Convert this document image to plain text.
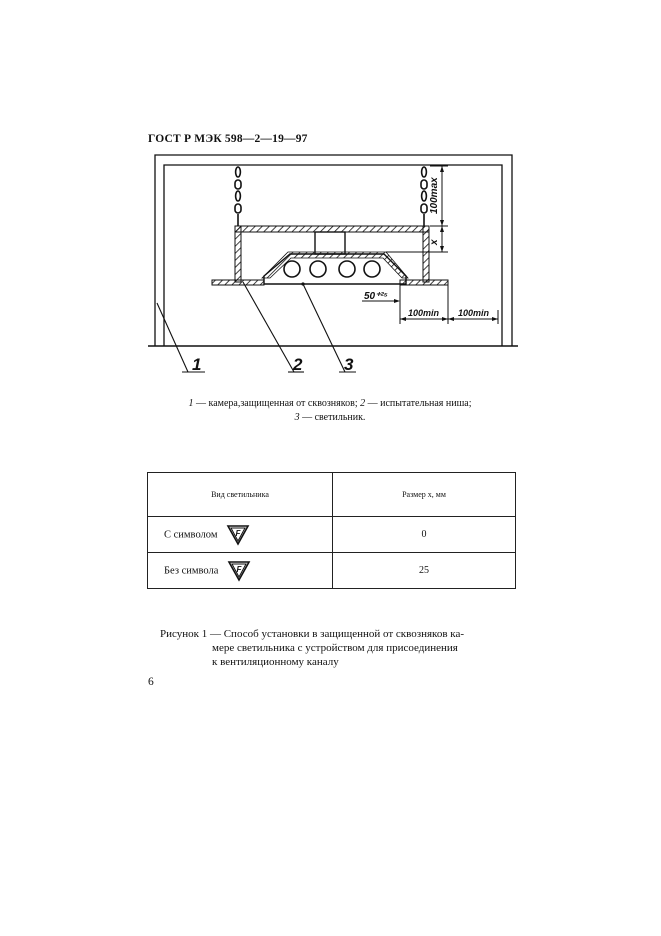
ГОСТ Р МЭК 598—2—19—97
100max
x
50⁺²⁵
100min 100min
1	2 3
1 — камера,защищенная от сквозняков; 2 — испытательная ниша;
3 — светильник.
Вид светильника	Размер x, мм
С символом F	0
Без символа F	25
Рисунок 1 — Способ установки в защищенной от сквозняков ка-
мере светильника с устройством для присоединения
к вентиляционному каналу
6
